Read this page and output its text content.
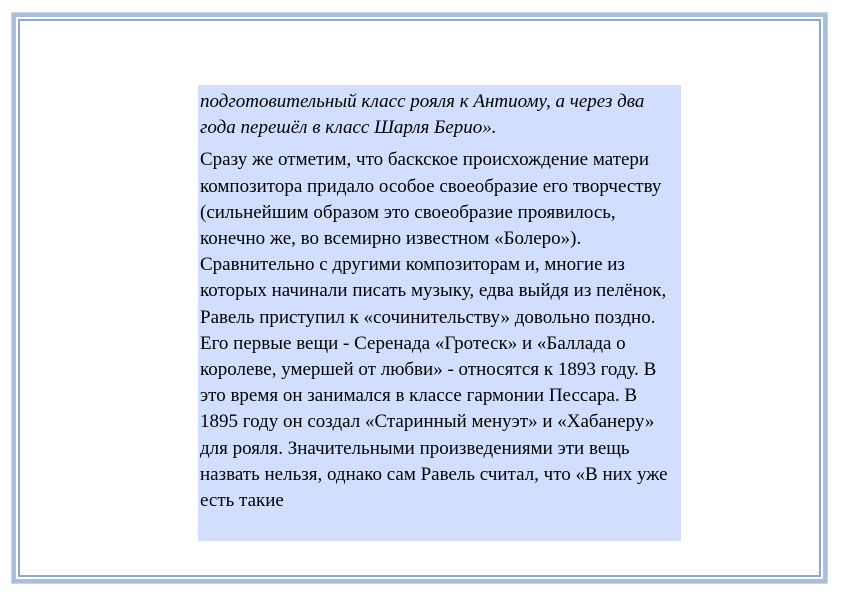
подготовительный класс рояля к Антиому, а через два года перешёл в класс Шарля Берио».

Сразу же отметим, что баскское происхождение матери композитора придало особое своеобразие его творчеству (сильнейшим образом это своеобразие проявилось, конечно же, во всемирно известном «Болеро»). Сравнительно с другими композиторам и, многие из которых начинали писать музыку, едва выйдя из пелёнок, Равель приступил к «сочинительству» довольно поздно. Его первые вещи - Серенада «Гротеск» и «Баллада о королеве, умершей от любви» - относятся к 1893 году. В это время он занимался в классе гармонии Пессара. В 1895 году он создал «Старинный менуэт» и «Хабанеру» для рояля. Значительными произведениями эти вещь назвать нельзя, однако сам Равель считал, что «В них уже есть такие
